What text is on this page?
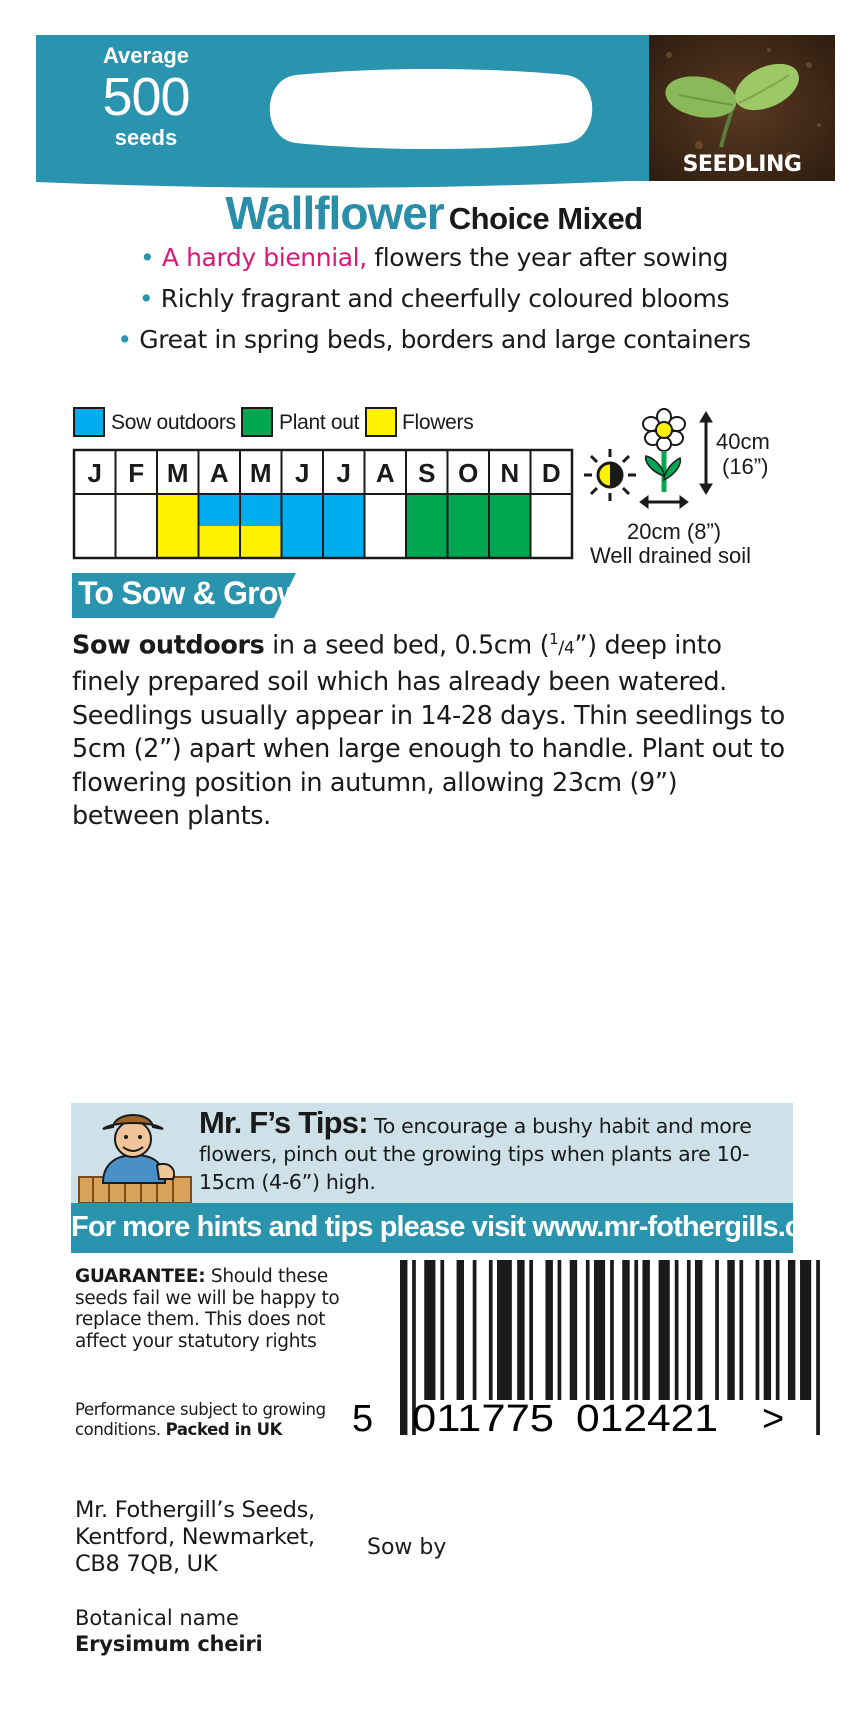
Average
500
seeds
SEEDLING
Wallflower Choice Mixed
• A hardy biennial, flowers the year after sowing
• Richly fragrant and cheerfully coloured blooms
• Great in spring beds, borders and large containers
Sow outdoors Plant out Flowers
J F M A M J J A S O N D
40cm
(16”)
20cm (8”)
Well drained soil
To Sow & Grow
Sow outdoors in a seed bed, 0.5cm ($^1$/4”) deep into finely prepared soil which has already been watered. Seedlings usually appear in 14-28 days. Thin seedlings to 5cm (2”) apart when large enough to handle. Plant out to flowering position in autumn, allowing 23cm (9”) between plants.
Mr. F’s Tips: To encourage a bushy habit and more flowers, pinch out the growing tips when plants are 10-15cm (4-6”) high.
For more hints and tips please visit www.mr-fothergills.co.uk
GUARANTEE: Should these seeds fail we will be happy to replace them. This does not affect your statutory rights
Performance subject to growing conditions. Packed in UK	5 011775 012421 >
Mr. Fothergill’s Seeds,
Kentford, Newmarket,
CB8 7QB, UK
Sow by
Botanical name
Erysimum cheiri
